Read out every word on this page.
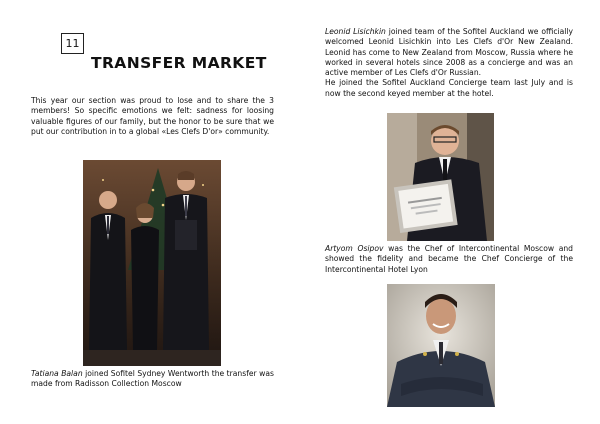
11
TRANSFER MARKET
This year our section was proud to lose and to share the 3 members! So specific emotions we felt: sadness for loosing valuable figures of our family, but the honor to be sure that we put our contribution in to a global «Les Clefs D'or» community.
Tatiana Balan joined Sofitel Sydney Wentworth the transfer was made from Radisson Collection Moscow
Leonid Lisichkin joined team of the Sofitel Auckland we officially welcomed Leonid Lisichkin into Les Clefs d'Or New Zealand. Leonid has come to New Zealand from Moscow, Russia where he worked in several hotels since 2008 as a concierge and was an active member of Les Clefs d'Or Russian.
He joined the Sofitel Auckland Concierge team last July and is now the second keyed member at the hotel.
Artyom Osipov was the Chef of Intercontinental Moscow and showed the fidelity and became the Chef Concierge of the Intercontinental Hotel Lyon
